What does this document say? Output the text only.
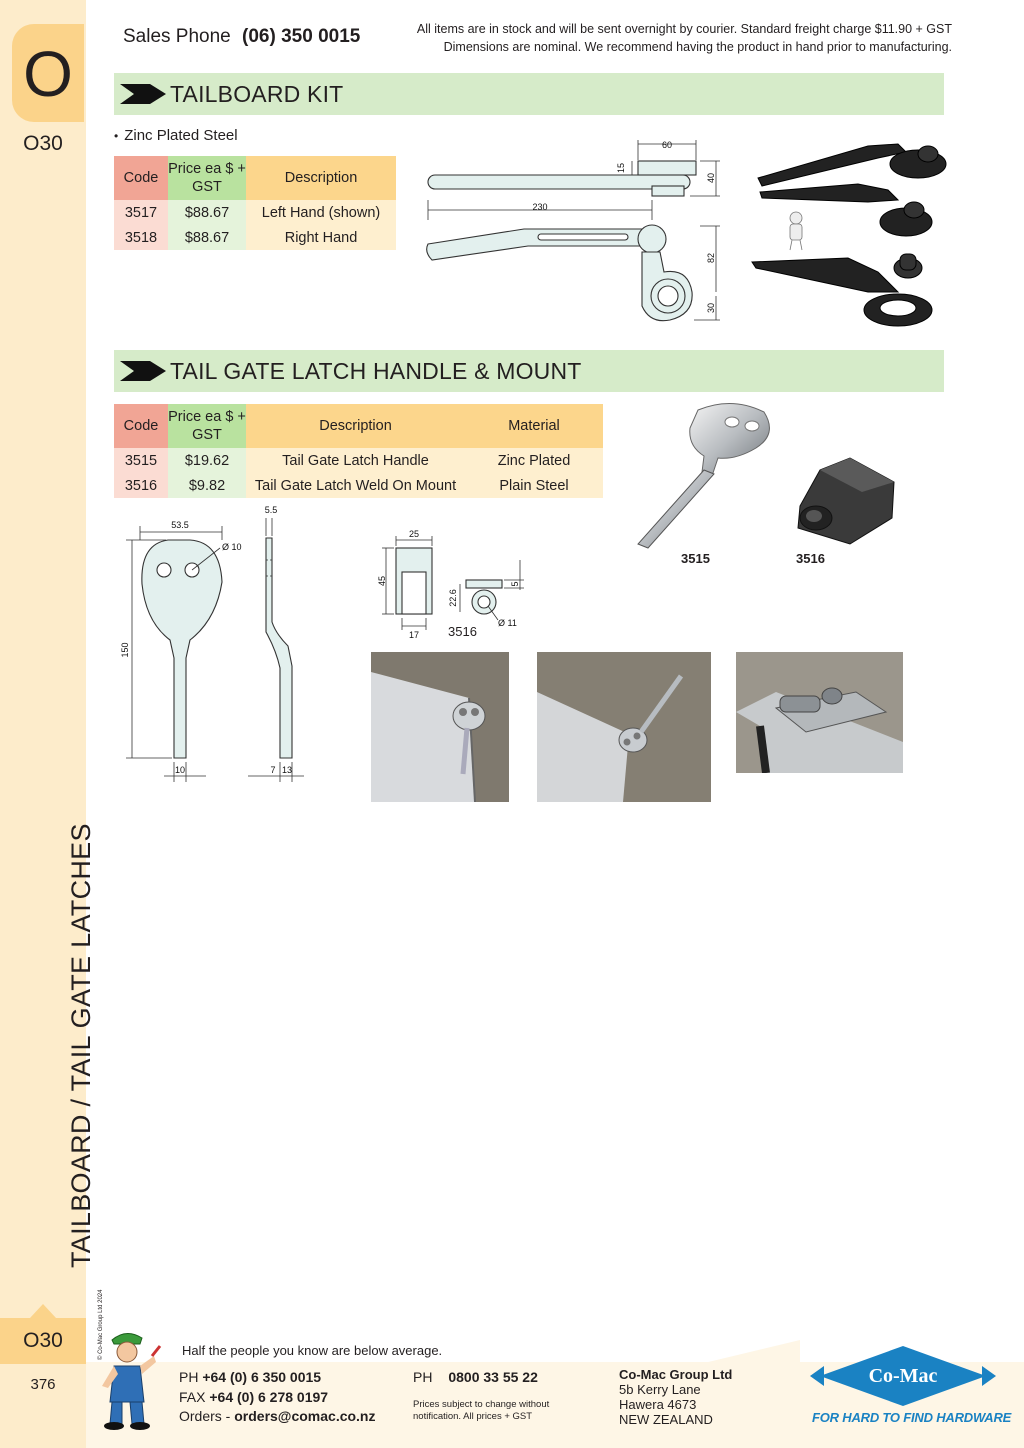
O
O30
TAILBOARD / TAIL GATE LATCHES
© Co-Mac Group Ltd 2024
O30
376
Sales Phone (06) 350 0015	All items are in stock and will be sent overnight by courier. Standard freight charge $11.90 + GST
Dimensions are nominal. We recommend having the product in hand prior to manufacturing.
TAILBOARD KIT
• Zinc Plated Steel
Code	Price ea $ + GST	Description
3517	$88.67	Left Hand (shown)
3518	$88.67	Right Hand
60
15
40
230
82
30
TAIL GATE LATCH HANDLE & MOUNT
Code	Price ea $ + GST	Description	Material
3515	$19.62	Tail Gate Latch Handle	Zinc Plated
3516	$9.82	Tail Gate Latch Weld On Mount	Plain Steel
3515	3516
53.5
Ø 10
150
10
5.5
7 13
25
45
17
22.6
5
Ø 11
3516
Half the people you know are below average.
PH +64 (0) 6 350 0015
FAX +64 (0) 6 278 0197
Orders - orders@comac.co.nz
PH 0800 33 55 22
Prices subject to change without
notification. All prices + GST
Co-Mac Group Ltd
5b Kerry Lane
Hawera 4673
NEW ZEALAND
Co-Mac
FOR HARD TO FIND HARDWARE
